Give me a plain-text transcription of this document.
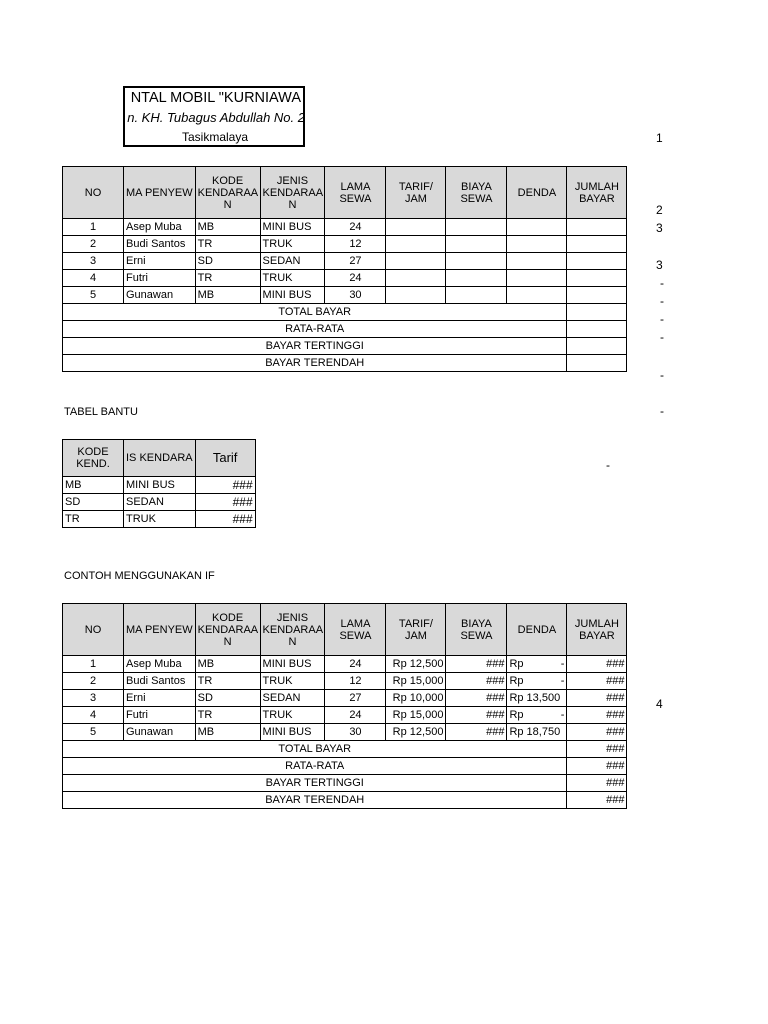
NTAL MOBIL "KURNIAWA
n. KH. Tubagus Abdullah No. 2
Tasikmalaya	1
2
3
3
-
-
-
-
-
-
-
4
NO	MA PENYEW	KODE KENDARAA N	JENIS KENDARAA N	LAMA SEWA	TARIF/ JAM	BIAYA SEWA	DENDA	JUMLAH BAYAR
1	Asep Muba	MB	MINI BUS	24				
2	Budi Santos	TR	TRUK	12				
3	Erni	SD	SEDAN	27				
4	Futri	TR	TRUK	24				
5	Gunawan	MB	MINI BUS	30				
TOTAL BAYAR								
RATA-RATA								
BAYAR TERTINGGI								
BAYAR TERENDAH								
TABEL BANTU
KODE KEND.	IS KENDARA	Tarif
MB	MINI BUS	###
SD	SEDAN	###
TR	TRUK	###
CONTOH MENGGUNAKAN IF
NO	MA PENYEW	KODE KENDARAA N	JENIS KENDARAA N	LAMA SEWA	TARIF/ JAM	BIAYA SEWA	DENDA	JUMLAH BAYAR
1	Asep Muba	MB	MINI BUS	24	Rp 12,500	###	Rp -	###
2	Budi Santos	TR	TRUK	12	Rp 15,000	###	Rp -	###
3	Erni	SD	SEDAN	27	Rp 10,000	###	Rp 13,500	###
4	Futri	TR	TRUK	24	Rp 15,000	###	Rp -	###
5	Gunawan	MB	MINI BUS	30	Rp 12,500	###	Rp 18,750	###
TOTAL BAYAR								###
RATA-RATA								###
BAYAR TERTINGGI								###
BAYAR TERENDAH								###
